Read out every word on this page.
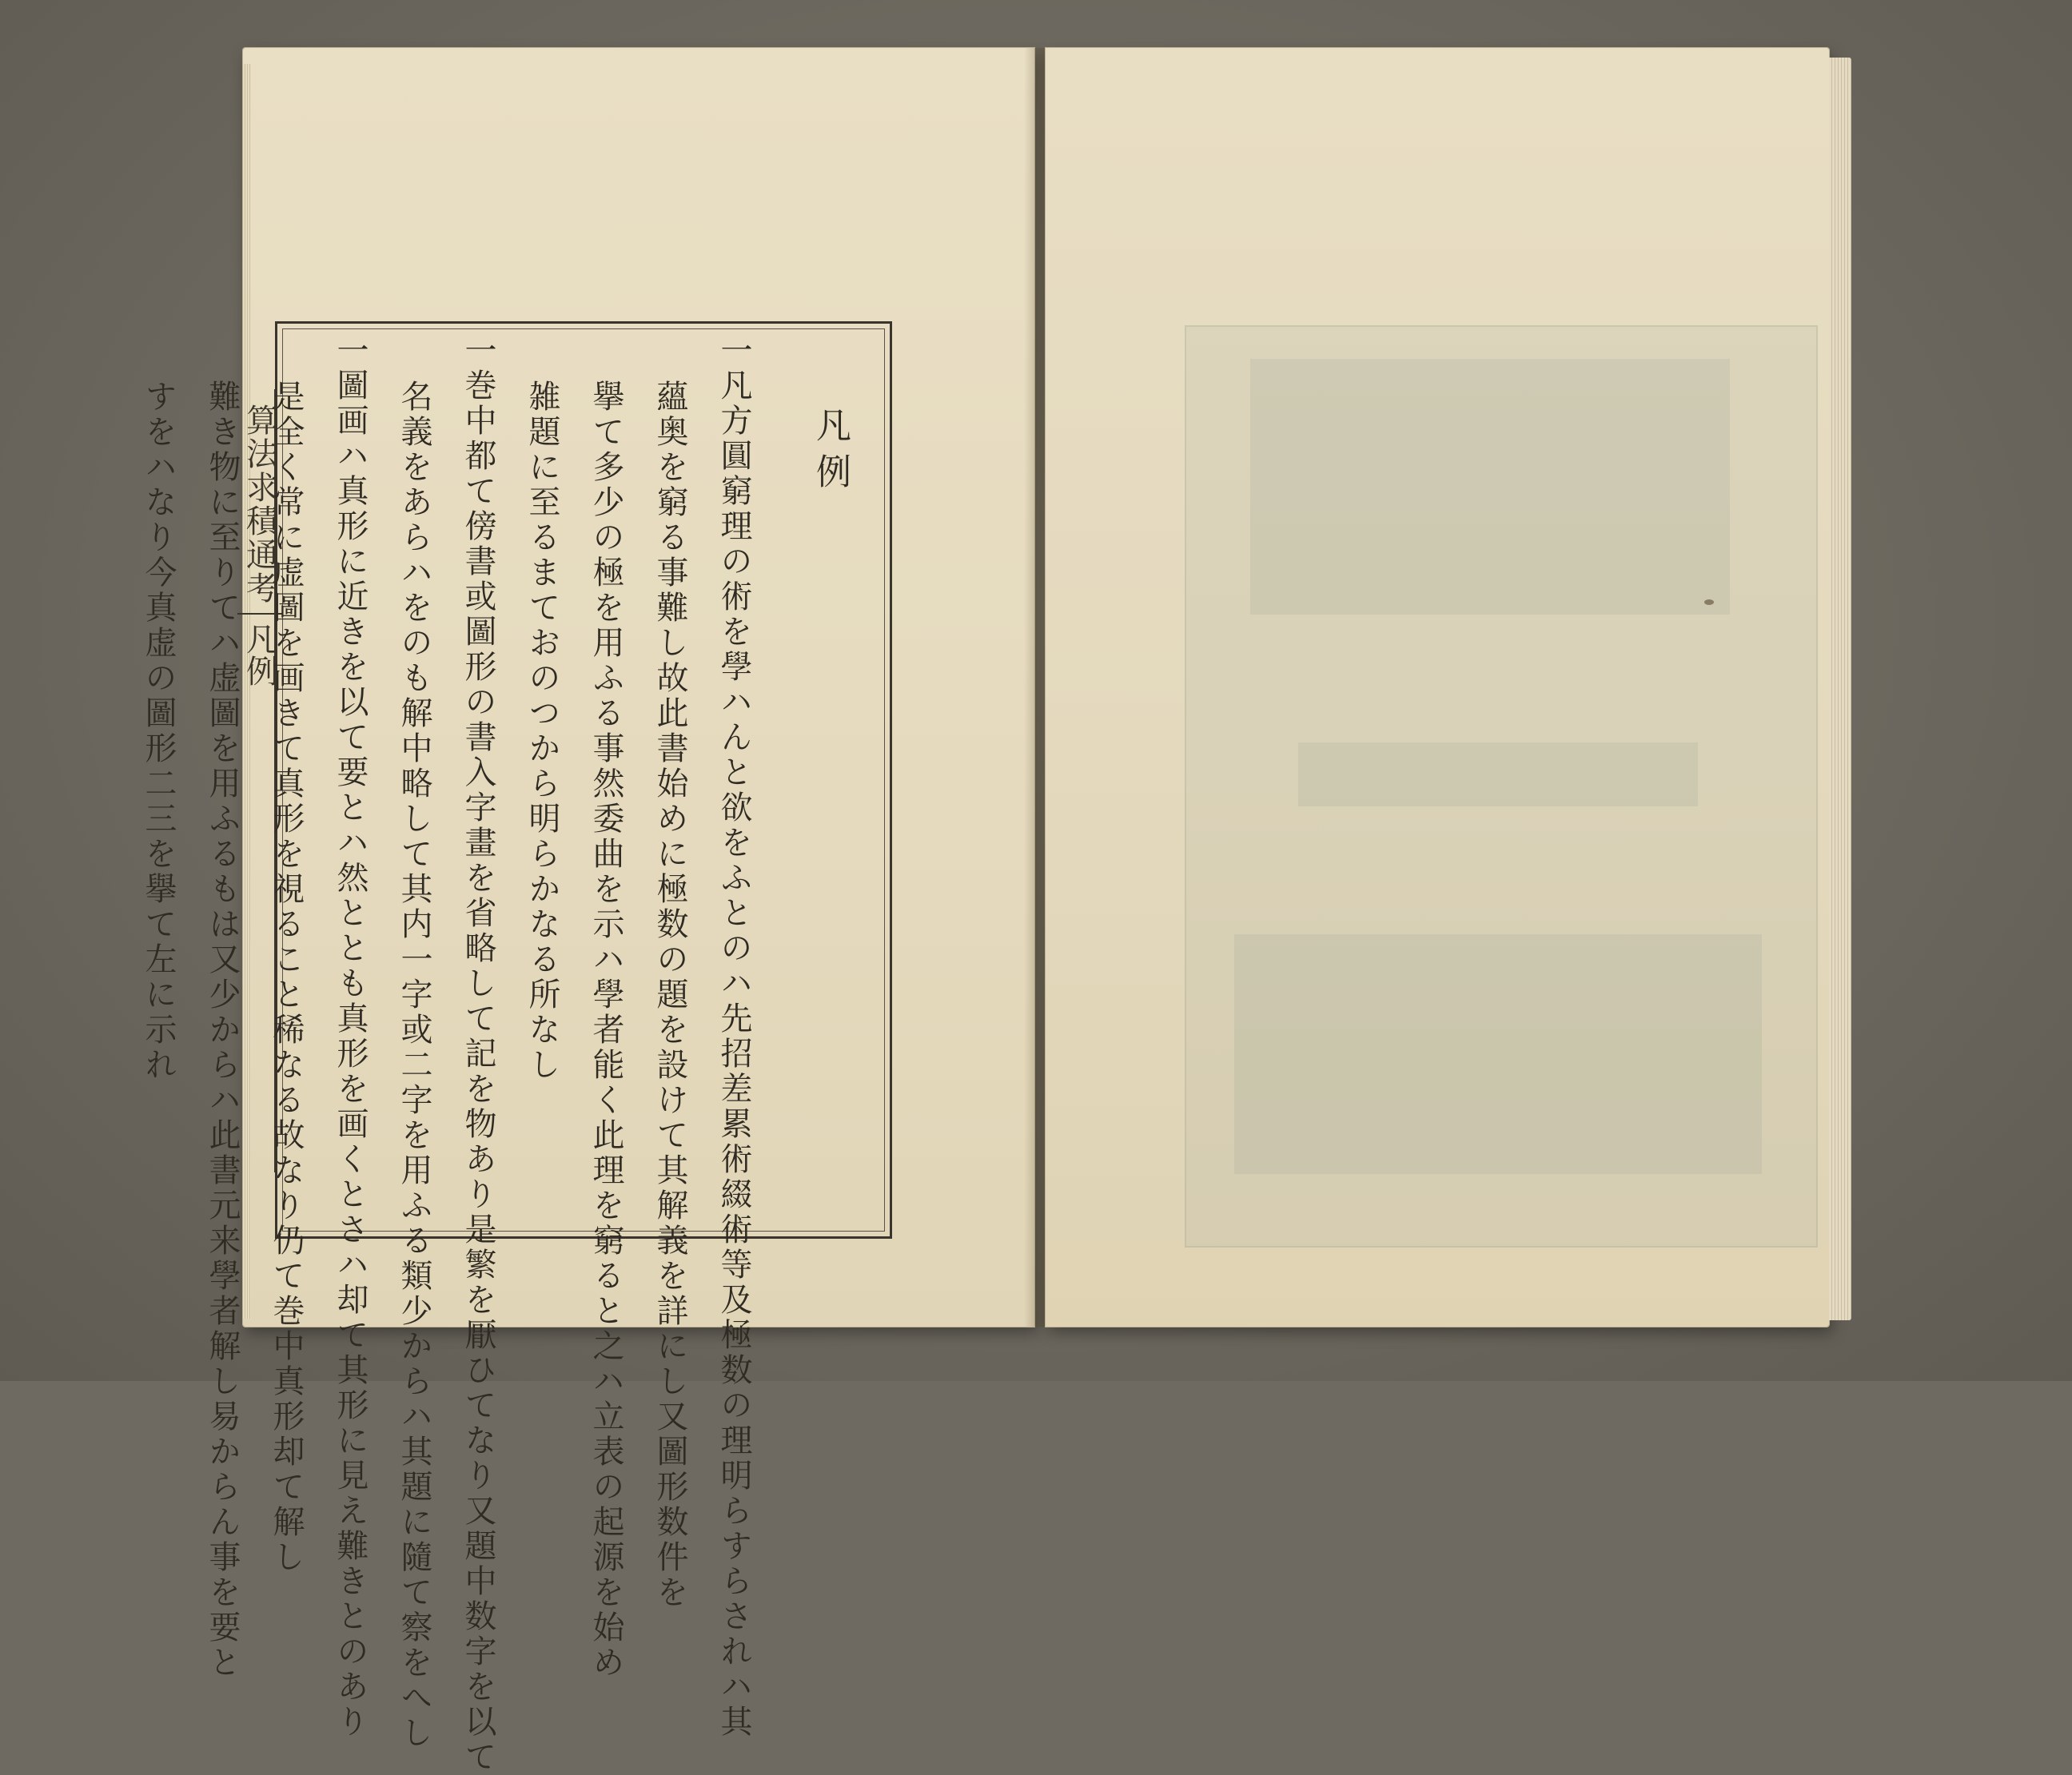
算法求積通考
凡例

凡例

一凡方圓窮理の術を學ハんと欲をふとのハ先招差累術綴術等及極数の理明らすらされハ其

蘊奥を窮る事難し故此書始めに極数の題を設けて其解義を詳にし又圖形数件を

擧て多少の極を用ふる事然委曲を示ハ學者能く此理を窮ると之ハ立表の起源を始め

雑題に至るまておのつから明らかなる所なし

一巻中都て傍書或圖形の書入字畫を省略して記を物あり是繁を厭ひてなり又題中数字を以て

名義をあらハをのも解中略して其内一字或二字を用ふる類少からハ其題に隨て察をへし

一圖画ハ真形に近きを以て要とハ然ととも真形を画くとさハ却て其形に見え難きとのあり

是全く常に虚圖を画きて真形を視ること稀なる故なり仍て巻中真形却て解し

難き物に至りてハ虚圖を用ふるもは又少からハ此書元来學者解し易からん事を要と

すをハなり今真虚の圖形二三を擧て左に示れ
